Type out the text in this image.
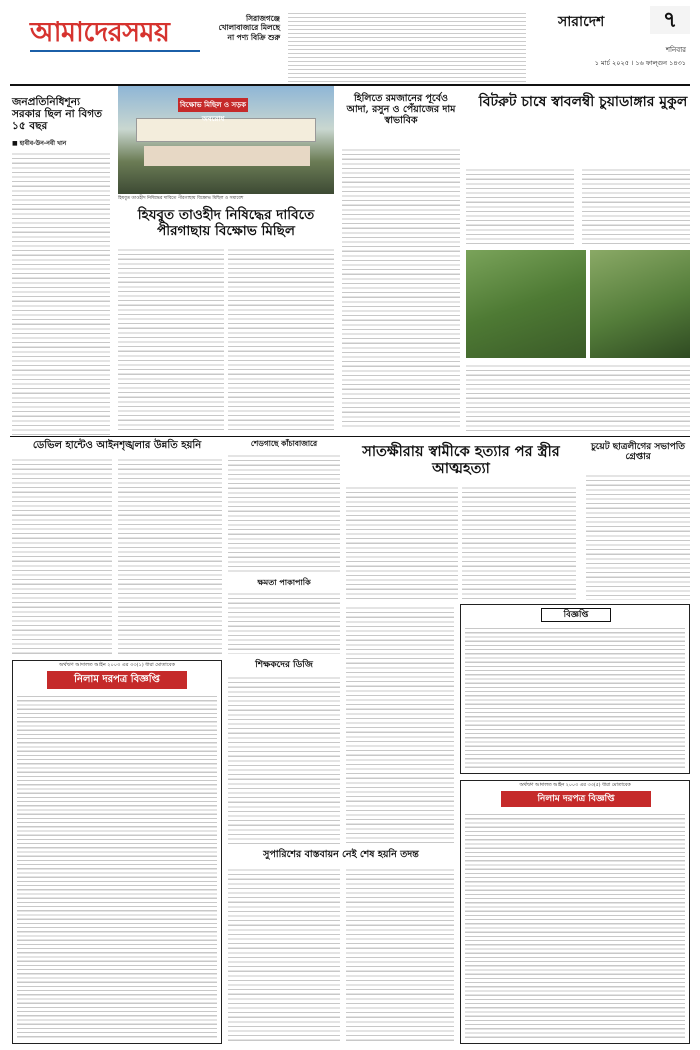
আমাদেরসময়	সিরাজগঞ্জে খোলাবাজারে মিলছে না পণ্য বিক্রি শুরু
সারাদেশ	৭
শনিবার
১ মার্চ ২০২৫ । ১৬ ফাল্গুন ১৪৩১
জনপ্রতিনিধিশূন্য সরকার ছিল না বিগত ১৫ বছর
■ হাবীব-উন-নবী খান
বিক্ষোভ মিছিল ও সড়ক অবরোধ
হিযবুত তাওহীদ নিষিদ্ধের দাবিতে পীরগাছায় বিক্ষোভ মিছিল ও সমাবেশ
হিযবুত তাওহীদ নিষিদ্ধের দাবিতে পীরগাছায় বিক্ষোভ মিছিল
হিলিতে রমজানের পূর্বেও আদা, রসুন ও পেঁয়াজের দাম স্বাভাবিক
বিটরুট চাষে স্বাবলম্বী চুয়াডাঙ্গার মুকুল
ডেভিল হান্টেও আইনশৃঙ্খলার উন্নতি হয়নি	শেডগাছে কাঁচাবাজারে	সাতক্ষীরায় স্বামীকে হত্যার পর স্ত্রীর আত্মহত্যা
চুয়েট ছাত্রলীগের সভাপতি গ্রেপ্তার
ক্ষমতা পাকাপাকি
অর্থঋণ আদালত আইন ২০০৩ এর ৩৩(১) ধারা মোতাবেক
নিলাম দরপত্র বিজ্ঞপ্তি
শিক্ষকদের ডিজি
সুপারিশের বাস্তবায়ন নেই শেষ হয়নি তদন্ত
বিজ্ঞপ্তি
অর্থঋণ আদালত আইন ২০০৩ এর ৩৩(৫) ধারা মোতাবেক
নিলাম দরপত্র বিজ্ঞপ্তি
